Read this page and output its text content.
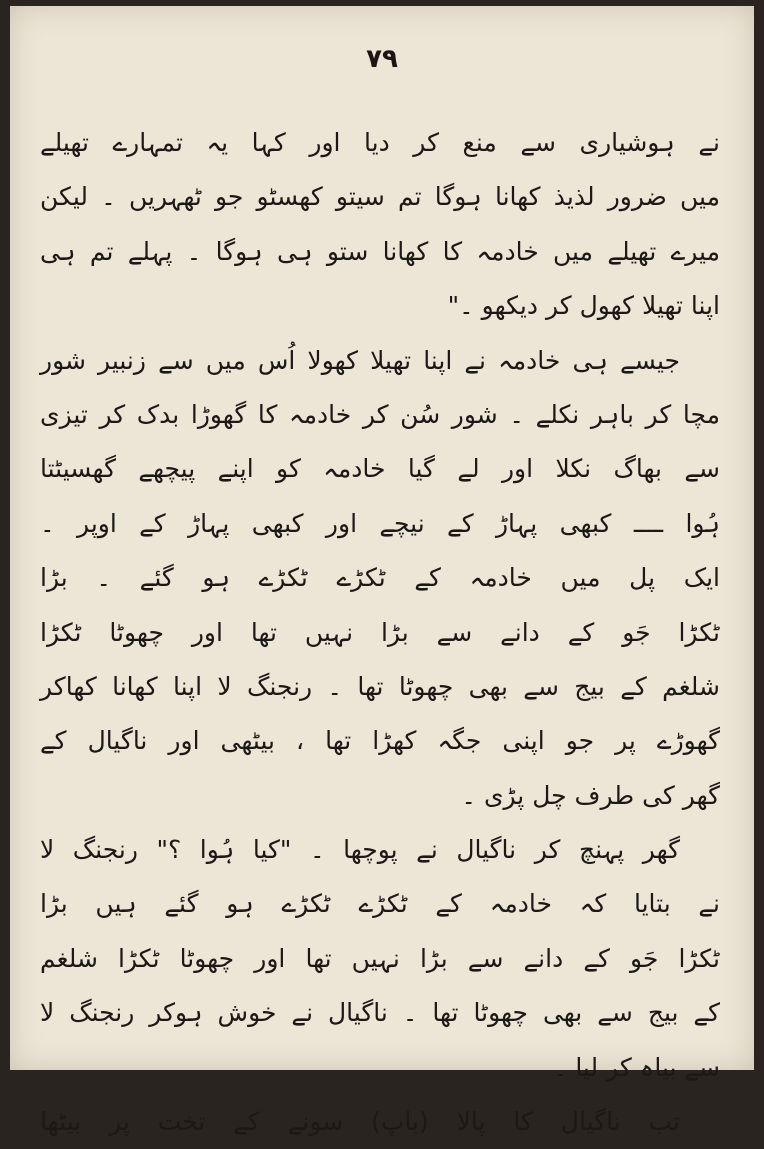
۷۹
نے ہوشیاری سے منع کر دیا اور کہا یہ تمہارے تھیلے
میں ضرور لذیذ کھانا ہوگا تم سیتو کھسٹو جو ٹھہریں ۔ لیکن
میرے تھیلے میں خادمہ کا کھانا ستو ہی ہوگا ۔ پہلے تم ہی
اپنا تھیلا کھول کر دیکھو ۔"
جیسے ہی خادمہ نے اپنا تھیلا کھولا اُس میں سے زنبیر شور
مچا کر باہر نکلے ۔ شور سُن کر خادمہ کا گھوڑا بدک کر تیزی
سے بھاگ نکلا اور لے گیا خادمہ کو اپنے پیچھے گھسیٹتا
ہُوا ــــ کبھی پہاڑ کے نیچے اور کبھی پہاڑ کے اوپر ۔
ایک پل میں خادمہ کے ٹکڑے ٹکڑے ہو گئے ۔ بڑا
ٹکڑا جَو کے دانے سے بڑا نہیں تھا اور چھوٹا ٹکڑا
شلغم کے بیج سے بھی چھوٹا تھا ۔ رنجنگ لا اپنا کھانا کھاکر
گھوڑے پر جو اپنی جگہ کھڑا تھا ، بیٹھی اور ناگیال کے
گھر کی طرف چل پڑی ۔
گھر پہنچ کر ناگیال نے پوچھا ۔ "کیا ہُوا ؟" رنجنگ لا
نے بتایا کہ خادمہ کے ٹکڑے ٹکڑے ہو گئے ہیں بڑا
ٹکڑا جَو کے دانے سے بڑا نہیں تھا اور چھوٹا ٹکڑا شلغم
کے بیج سے بھی چھوٹا تھا ۔ ناگیال نے خوش ہوکر رنجنگ لا
سے بیاہ کر لیا ۔
تب ناگیال کا پالا (باپ) سونے کے تخت پر بیٹھا
